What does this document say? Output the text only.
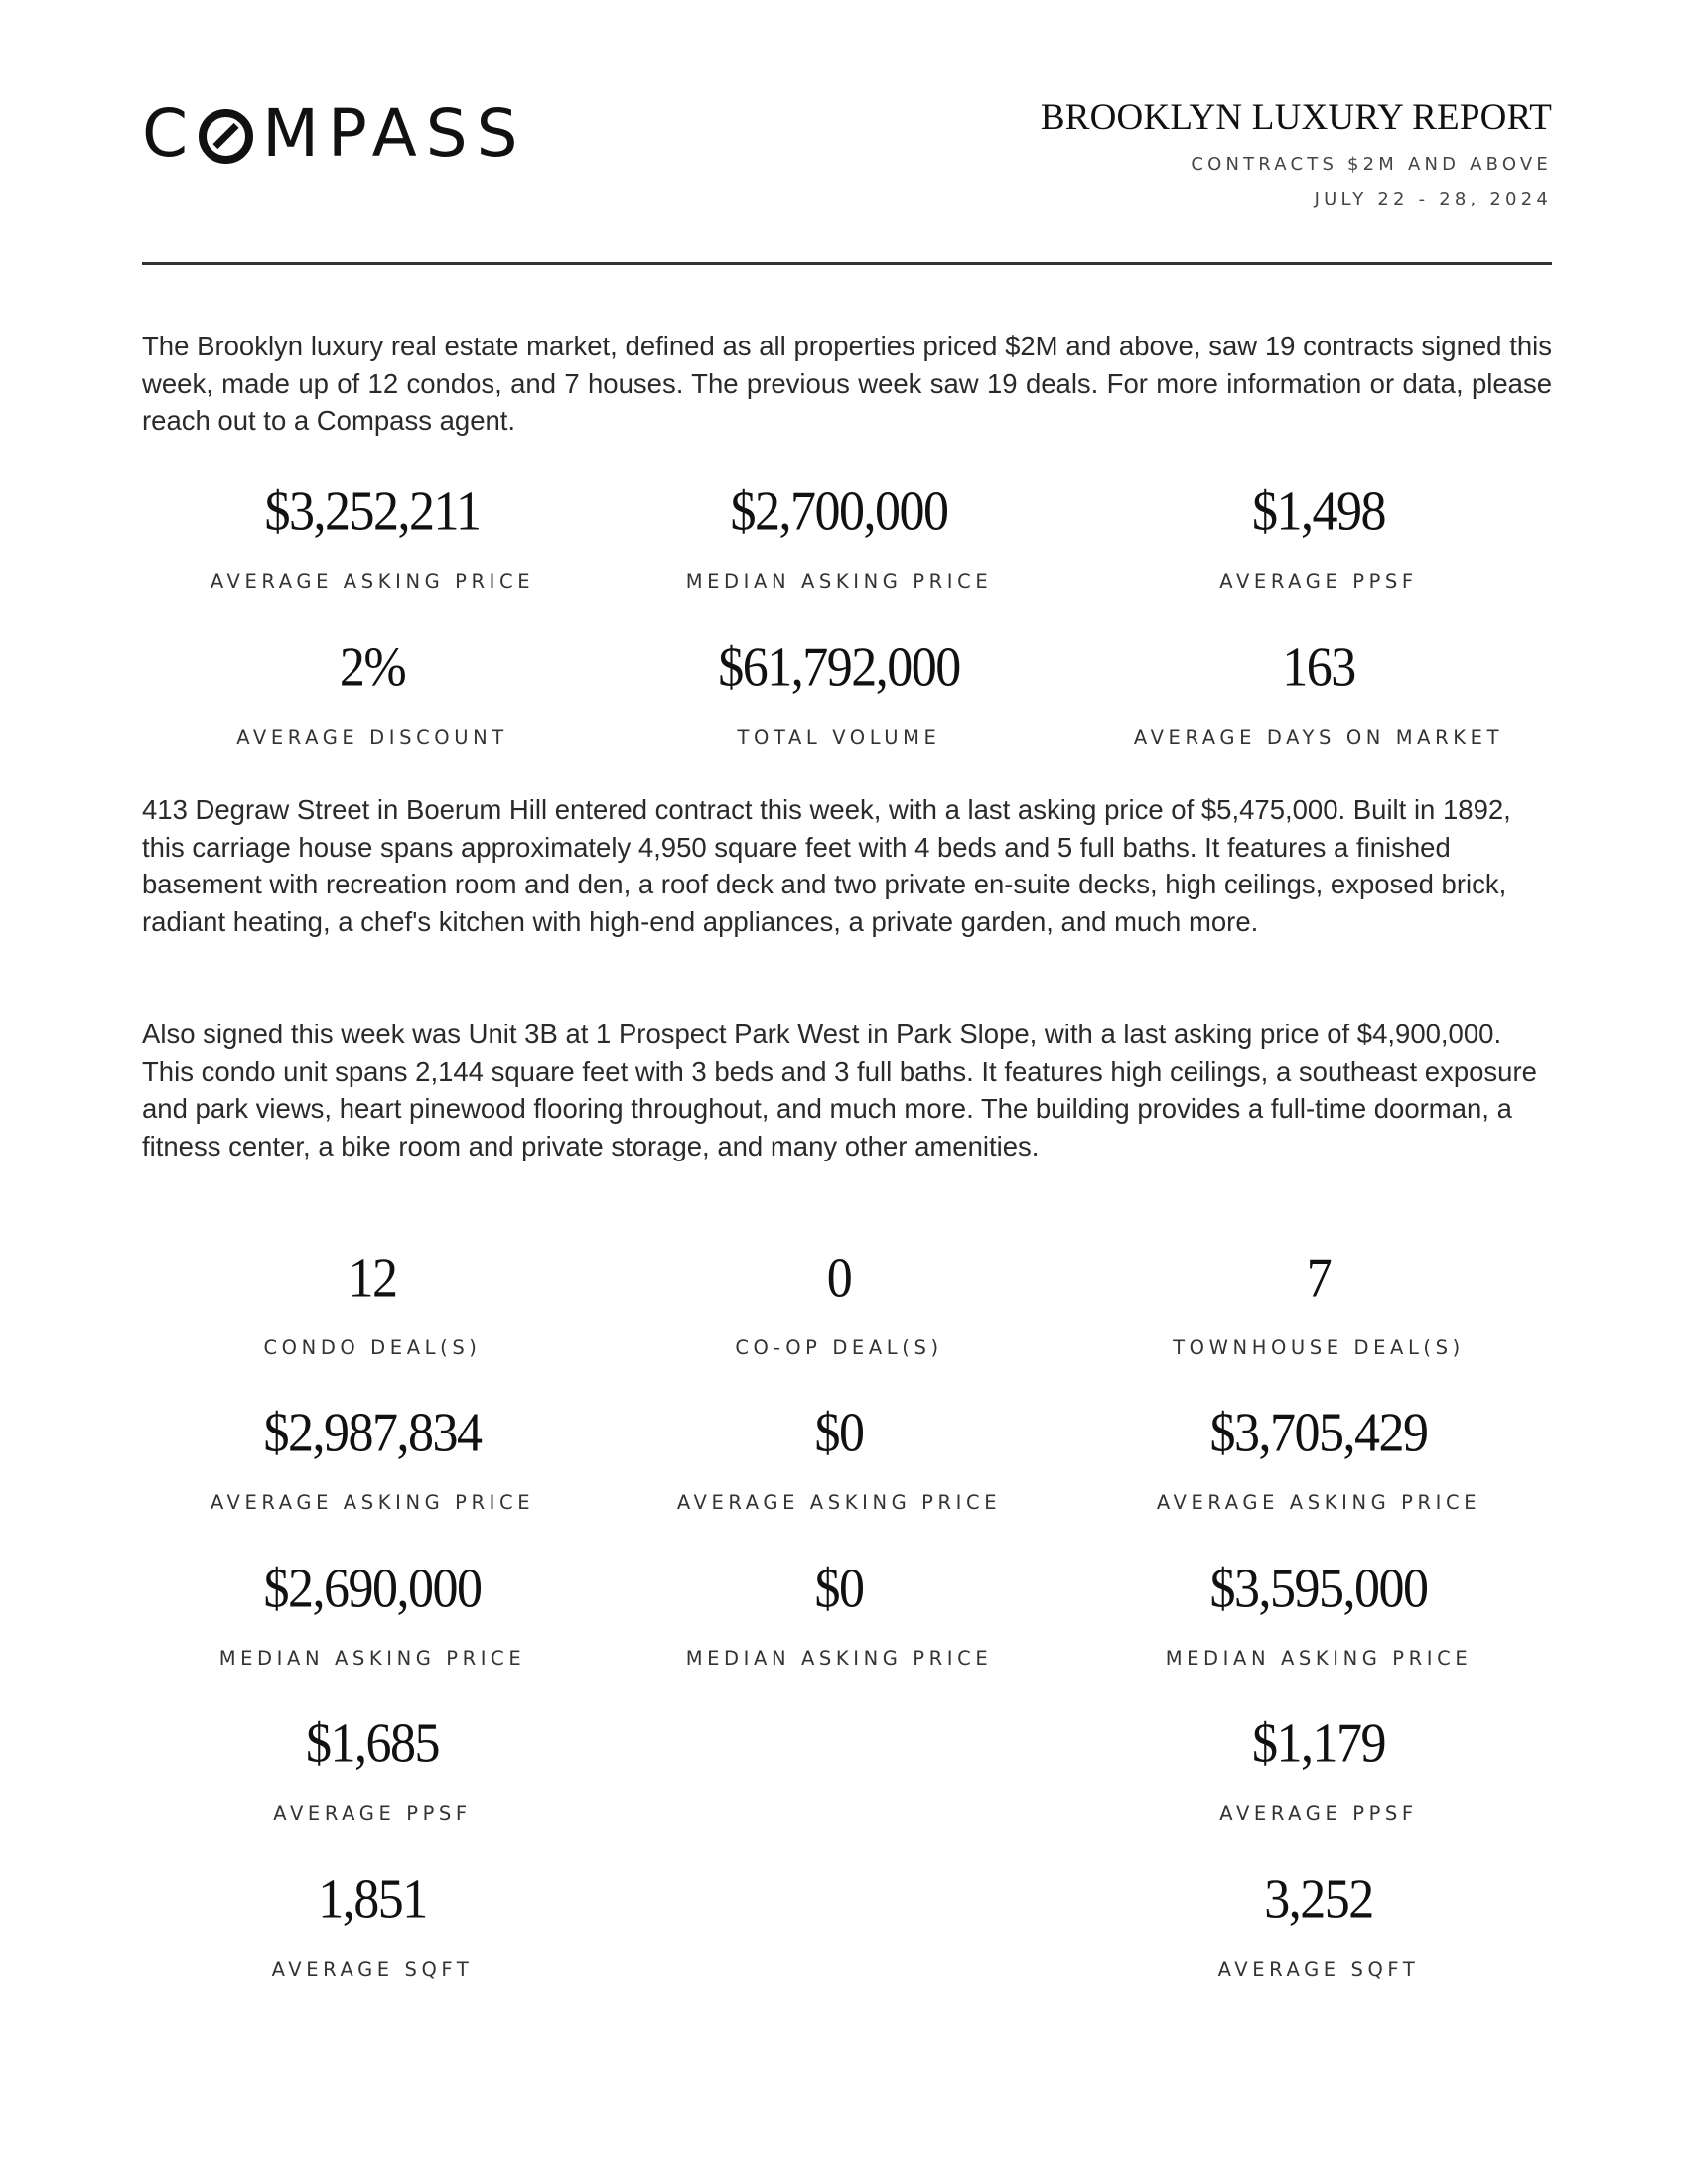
C MPASS	BROOKLYN LUXURY REPORT
CONTRACTS $2M AND ABOVE
JULY 22 - 28, 2024

The Brooklyn luxury real estate market, defined as all properties priced $2M and above, saw 19 contracts signed this week, made up of 12 condos, and 7 houses. The previous week saw 19 deals. For more information or data, please reach out to a Compass agent.

$3,252,211
AVERAGE ASKING PRICE
$2,700,000
MEDIAN ASKING PRICE
$1,498
AVERAGE PPSF
2%
AVERAGE DISCOUNT
$61,792,000
TOTAL VOLUME
163
AVERAGE DAYS ON MARKET

413 Degraw Street in Boerum Hill entered contract this week, with a last asking price of $5,475,000. Built in 1892, this carriage house spans approximately 4,950 square feet with 4 beds and 5 full baths. It features a finished basement with recreation room and den, a roof deck and two private en-suite decks, high ceilings, exposed brick, radiant heating, a chef's kitchen with high-end appliances, a private garden, and much more.

Also signed this week was Unit 3B at 1 Prospect Park West in Park Slope, with a last asking price of $4,900,000. This condo unit spans 2,144 square feet with 3 beds and 3 full baths. It features high ceilings, a southeast exposure and park views, heart pinewood flooring throughout, and much more. The building provides a full-time doorman, a fitness center, a bike room and private storage, and many other amenities.

12
CONDO DEAL(S)
0
CO-OP DEAL(S)
7
TOWNHOUSE DEAL(S)
$2,987,834
AVERAGE ASKING PRICE
$0
AVERAGE ASKING PRICE
$3,705,429
AVERAGE ASKING PRICE
$2,690,000
MEDIAN ASKING PRICE
$0
MEDIAN ASKING PRICE
$3,595,000
MEDIAN ASKING PRICE
$1,685
AVERAGE PPSF
$1,179
AVERAGE PPSF
1,851
AVERAGE SQFT
3,252
AVERAGE SQFT
